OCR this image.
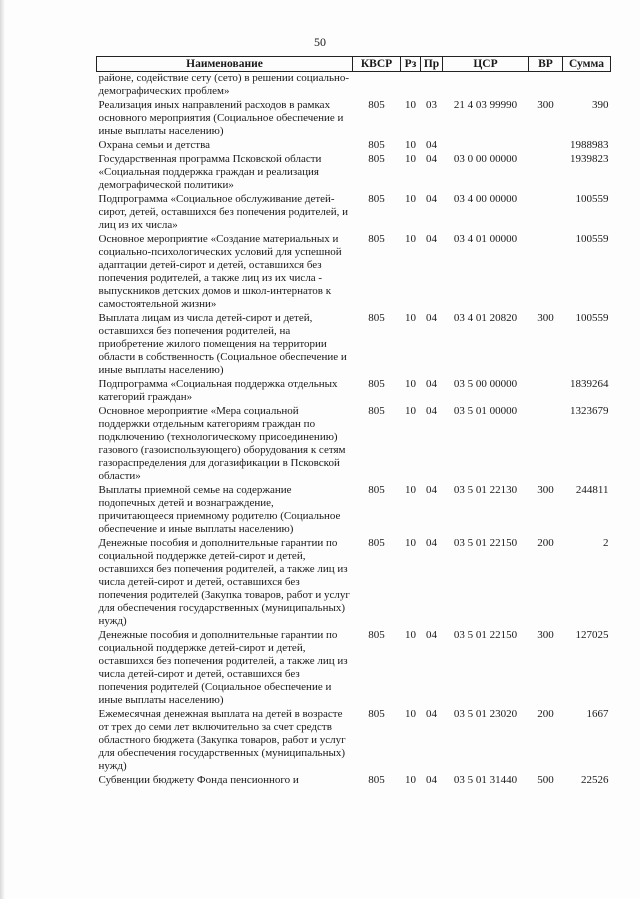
50
Наименование	КВСР	Рз	Пр	ЦСР	ВР	Сумма
районе, содействие сету (сето) в решении социально-демографических проблем»						
Реализация иных направлений расходов в рамках основного мероприятия (Социальное обеспечение и иные выплаты населению)	805	10	03	21 4 03 99990	300	390
Охрана семьи и детства	805	10	04			1988983
Государственная программа Псковской области «Социальная поддержка граждан и реализация демографической политики»	805	10	04	03 0 00 00000		1939823
Подпрограмма «Социальное обслуживание детей-сирот, детей, оставшихся без попечения родителей, и лиц из их числа»	805	10	04	03 4 00 00000		100559
Основное мероприятие «Создание материальных и социально-психологических условий для успешной адаптации детей-сирот и детей, оставшихся без попечения родителей, а также лиц из их числа - выпускников детских домов и школ-интернатов к самостоятельной жизни»	805	10	04	03 4 01 00000		100559
Выплата лицам из числа детей-сирот и детей, оставшихся без попечения родителей, на приобретение жилого помещения на территории области в собственность (Социальное обеспечение и иные выплаты населению)	805	10	04	03 4 01 20820	300	100559
Подпрограмма «Социальная поддержка отдельных категорий граждан»	805	10	04	03 5 00 00000		1839264
Основное мероприятие «Мера социальной поддержки отдельным категориям граждан по подключению (технологическому присоединению) газового (газоиспользующего) оборудования к сетям газораспределения для догазификации в Псковской области»	805	10	04	03 5 01 00000		1323679
Выплаты приемной семье на содержание подопечных детей и вознаграждение, причитающееся приемному родителю (Социальное обеспечение и иные выплаты населению)	805	10	04	03 5 01 22130	300	244811
Денежные пособия и дополнительные гарантии по социальной поддержке детей-сирот и детей, оставшихся без попечения родителей, а также лиц из числа детей-сирот и детей, оставшихся без попечения родителей (Закупка товаров, работ и услуг для обеспечения государственных (муниципальных) нужд)	805	10	04	03 5 01 22150	200	2
Денежные пособия и дополнительные гарантии по социальной поддержке детей-сирот и детей, оставшихся без попечения родителей, а также лиц из числа детей-сирот и детей, оставшихся без попечения родителей (Социальное обеспечение и иные выплаты населению)	805	10	04	03 5 01 22150	300	127025
Ежемесячная денежная выплата на детей в возрасте от трех до семи лет включительно за счет средств областного бюджета (Закупка товаров, работ и услуг для обеспечения государственных (муниципальных) нужд)	805	10	04	03 5 01 23020	200	1667
Субвенции бюджету Фонда пенсионного и	805	10	04	03 5 01 31440	500	22526
